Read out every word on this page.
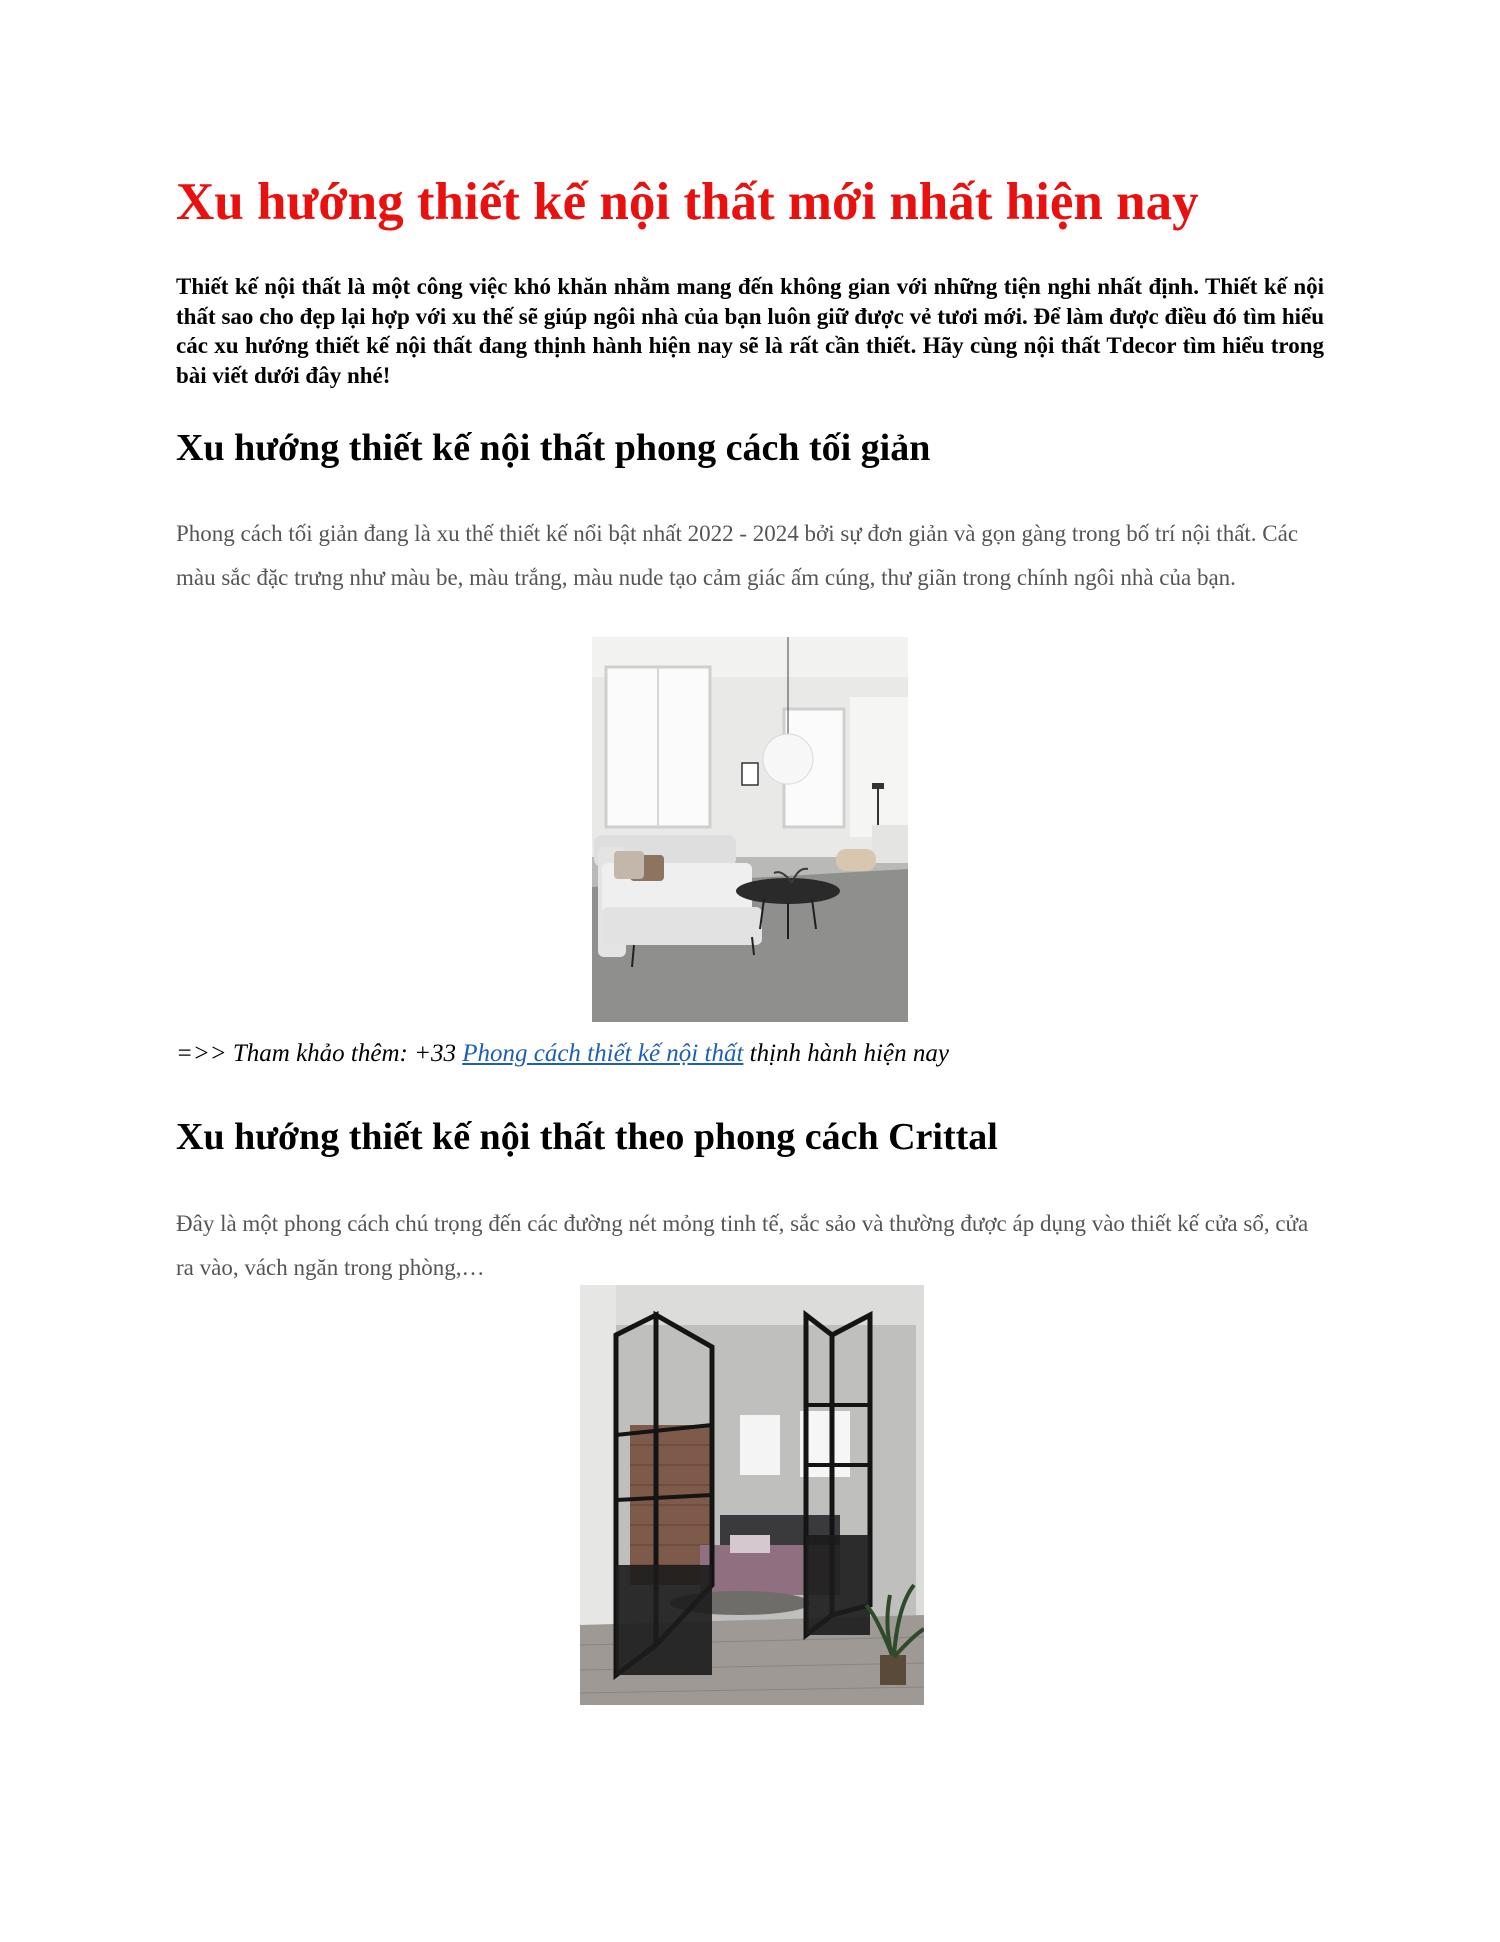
Xu hướng thiết kế nội thất mới nhất hiện nay

Thiết kế nội thất là một công việc khó khăn nhằm mang đến không gian với những tiện nghi nhất định. Thiết kế nội thất sao cho đẹp lại hợp với xu thế sẽ giúp ngôi nhà của bạn luôn giữ được vẻ tươi mới. Để làm được điều đó tìm hiểu các xu hướng thiết kế nội thất đang thịnh hành hiện nay sẽ là rất cần thiết. Hãy cùng nội thất Tdecor tìm hiểu trong bài viết dưới đây nhé!

Xu hướng thiết kế nội thất phong cách tối giản

Phong cách tối giản đang là xu thế thiết kế nổi bật nhất 2022 - 2024 bởi sự đơn giản và gọn gàng trong bố trí nội thất. Các màu sắc đặc trưng như màu be, màu trắng, màu nude tạo cảm giác ấm cúng, thư giãn trong chính ngôi nhà của bạn.

=>> Tham khảo thêm: +33 Phong cách thiết kế nội thất thịnh hành hiện nay

Xu hướng thiết kế nội thất theo phong cách Crittal

Đây là một phong cách chú trọng đến các đường nét mỏng tinh tế, sắc sảo và thường được áp dụng vào thiết kế cửa sổ, cửa ra vào, vách ngăn trong phòng,…
